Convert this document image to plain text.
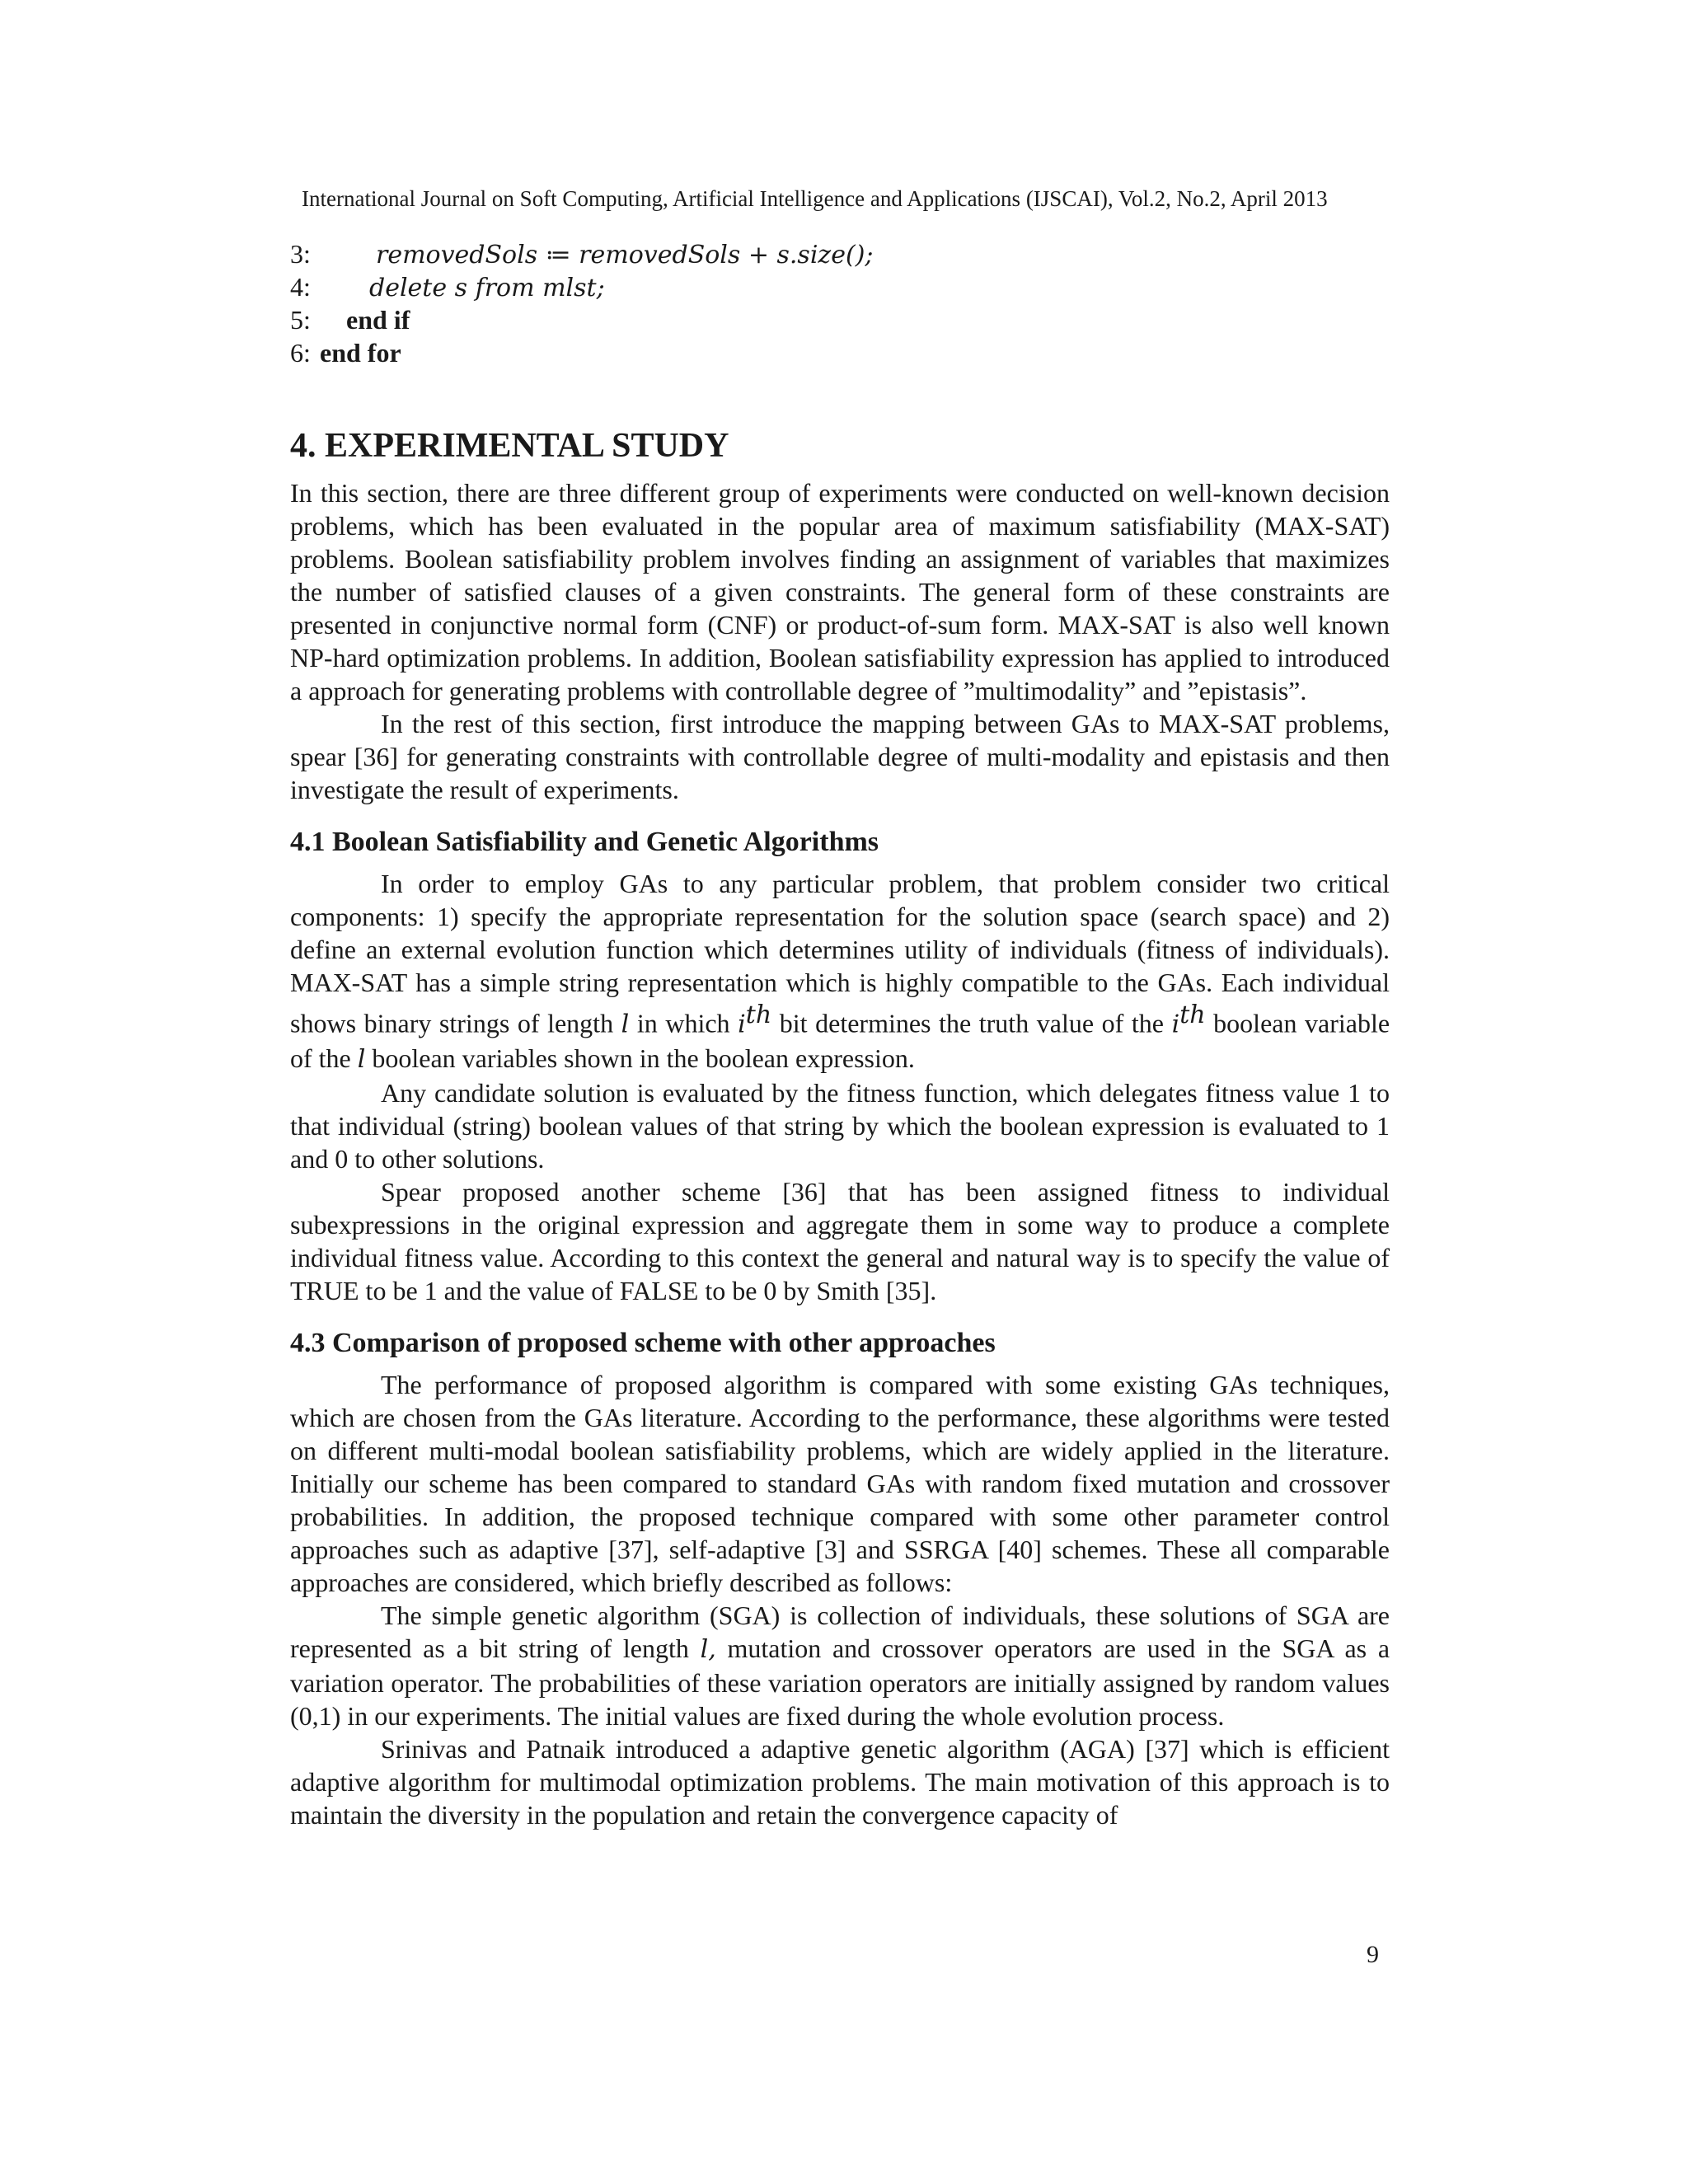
International Journal on Soft Computing, Artificial Intelligence and Applications (IJSCAI), Vol.2, No.2, April 2013
3:	removedSols ≔ removedSols + s.size();
4: delete s from mlst;
5: end if
6: end for
4. EXPERIMENTAL STUDY

In this section, there are three different group of experiments were conducted on well-known decision problems, which has been evaluated in the popular area of maximum satisfiability (MAX-SAT) problems. Boolean satisfiability problem involves finding an assignment of variables that maximizes the number of satisfied clauses of a given constraints. The general form of these constraints are presented in conjunctive normal form (CNF) or product-of-sum form. MAX-SAT is also well known NP-hard optimization problems. In addition, Boolean satisfiability expression has applied to introduced a approach for generating problems with controllable degree of ”multimodality” and ”epistasis”.

In the rest of this section, first introduce the mapping between GAs to MAX-SAT problems, spear [36] for generating constraints with controllable degree of multi-modality and epistasis and then investigate the result of experiments.

4.1 Boolean Satisfiability and Genetic Algorithms

In order to employ GAs to any particular problem, that problem consider two critical components: 1) specify the appropriate representation for the solution space (search space) and 2) define an external evolution function which determines utility of individuals (fitness of individuals). MAX-SAT has a simple string representation which is highly compatible to the GAs. Each individual shows binary strings of length l in which $i^{th}$ bit determines the truth value of the $i^{th}$ boolean variable of the l boolean variables shown in the boolean expression.

Any candidate solution is evaluated by the fitness function, which delegates fitness value 1 to that individual (string) boolean values of that string by which the boolean expression is evaluated to 1 and 0 to other solutions.

Spear proposed another scheme [36] that has been assigned fitness to individual subexpressions in the original expression and aggregate them in some way to produce a complete individual fitness value. According to this context the general and natural way is to specify the value of TRUE to be 1 and the value of FALSE to be 0 by Smith [35].

4.3 Comparison of proposed scheme with other approaches

The performance of proposed algorithm is compared with some existing GAs techniques, which are chosen from the GAs literature. According to the performance, these algorithms were tested on different multi-modal boolean satisfiability problems, which are widely applied in the literature. Initially our scheme has been compared to standard GAs with random fixed mutation and crossover probabilities. In addition, the proposed technique compared with some other parameter control approaches such as adaptive [37], self-adaptive [3] and SSRGA [40] schemes. These all comparable approaches are considered, which briefly described as follows:

The simple genetic algorithm (SGA) is collection of individuals, these solutions of SGA are represented as a bit string of length l, mutation and crossover operators are used in the SGA as a variation operator. The probabilities of these variation operators are initially assigned by random values (0,1) in our experiments. The initial values are fixed during the whole evolution process.

Srinivas and Patnaik introduced a adaptive genetic algorithm (AGA) [37] which is efficient adaptive algorithm for multimodal optimization problems. The main motivation of this approach is to maintain the diversity in the population and retain the convergence capacity of

9
